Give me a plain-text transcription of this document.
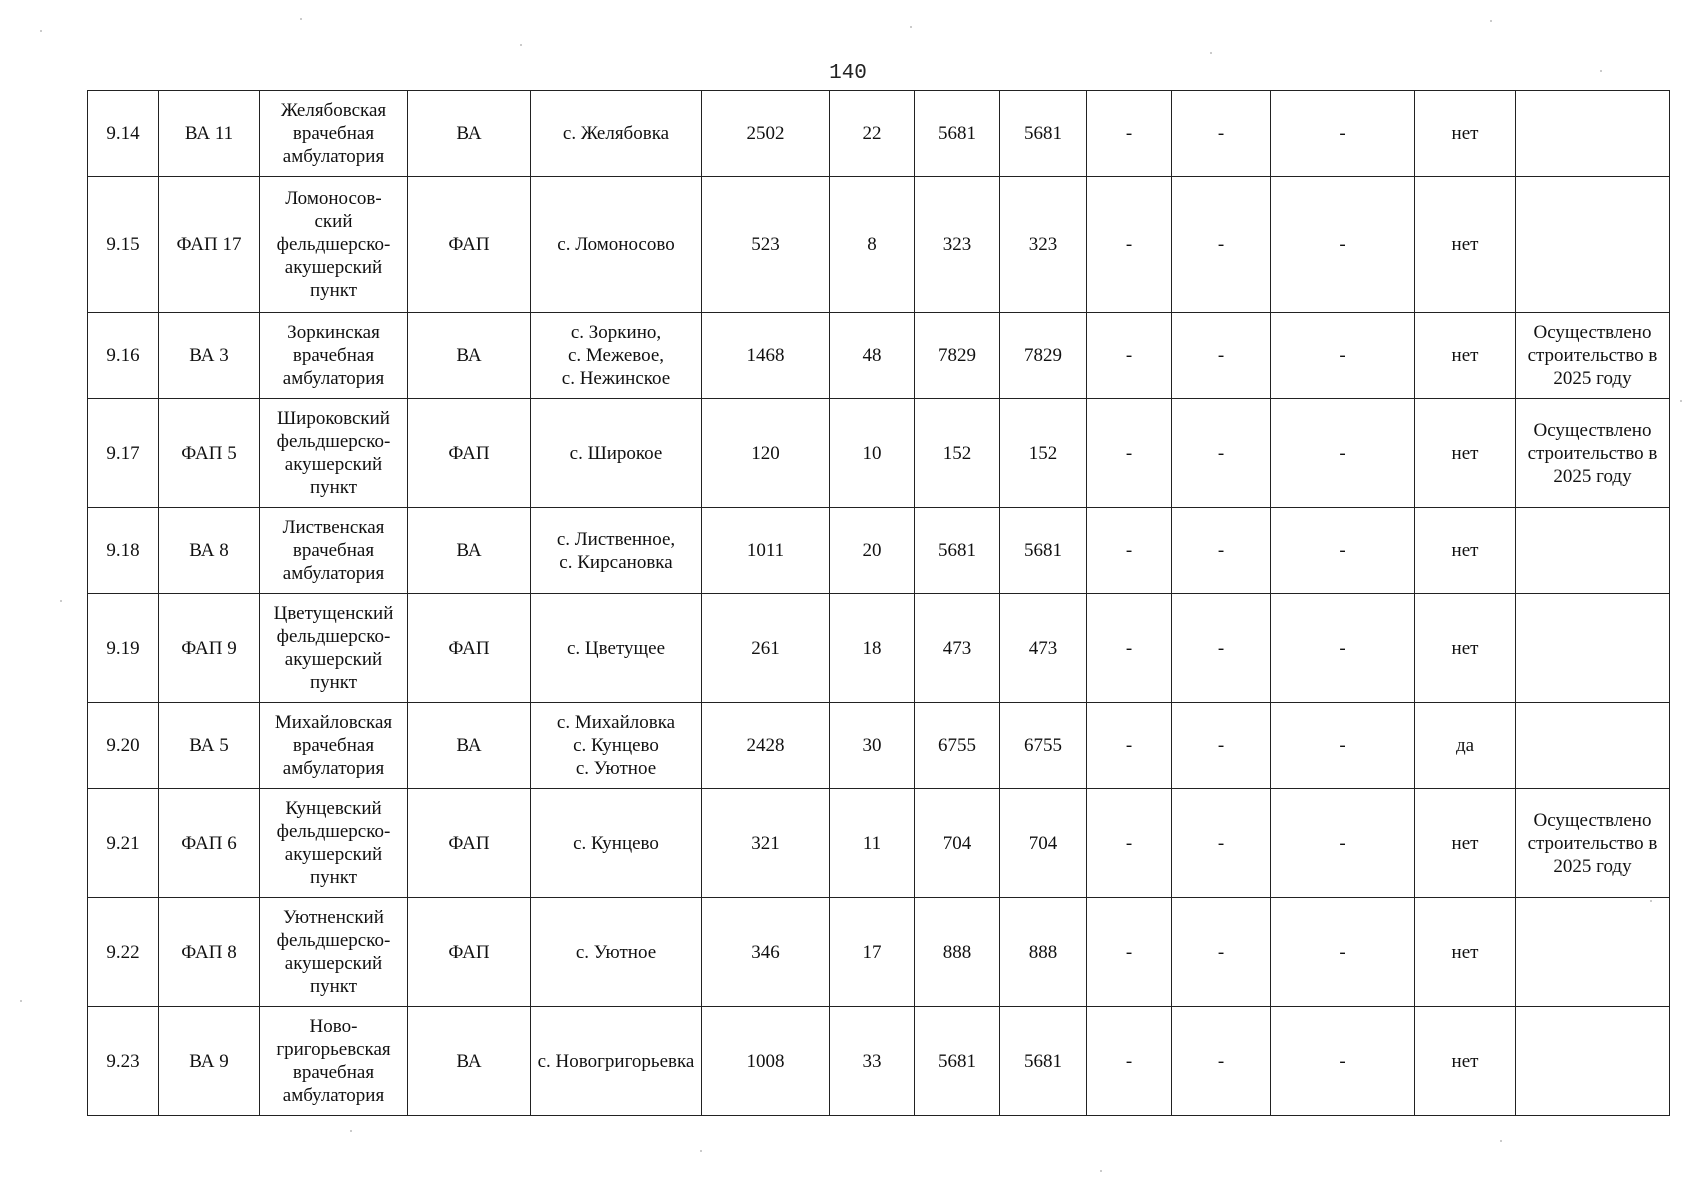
140
9.14	ВА 11	Желябовская
врачебная
амбулатория	ВА	с. Желябовка	2502	22	5681	5681	-	-	-	нет	
9.15	ФАП 17	Ломоносов-
ский
фельдшерско-
акушерский
пункт	ФАП	с. Ломоносово	523	8	323	323	-	-	-	нет	
9.16	ВА 3	Зоркинская
врачебная
амбулатория	ВА	с. Зоркино,
с. Межевое,
с. Нежинское	1468	48	7829	7829	-	-	-	нет	Осуществлено
строительство в
2025 году
9.17	ФАП 5	Широковский
фельдшерско-
акушерский
пункт	ФАП	с. Широкое	120	10	152	152	-	-	-	нет	Осуществлено
строительство в
2025 году
9.18	ВА 8	Лиственская
врачебная
амбулатория	ВА	с. Лиственное,
с. Кирсановка	1011	20	5681	5681	-	-	-	нет	
9.19	ФАП 9	Цветущенский
фельдшерско-
акушерский
пункт	ФАП	с. Цветущее	261	18	473	473	-	-	-	нет	
9.20	ВА 5	Михайловская
врачебная
амбулатория	ВА	с. Михайловка
с. Кунцево
с. Уютное	2428	30	6755	6755	-	-	-	да	
9.21	ФАП 6	Кунцевский
фельдшерско-
акушерский
пункт	ФАП	с. Кунцево	321	11	704	704	-	-	-	нет	Осуществлено
строительство в
2025 году
9.22	ФАП 8	Уютненский
фельдшерско-
акушерский
пункт	ФАП	с. Уютное	346	17	888	888	-	-	-	нет	
9.23	ВА 9	Ново-
григорьевская
врачебная
амбулатория	ВА	с. Новогригорьевка	1008	33	5681	5681	-	-	-	нет	
